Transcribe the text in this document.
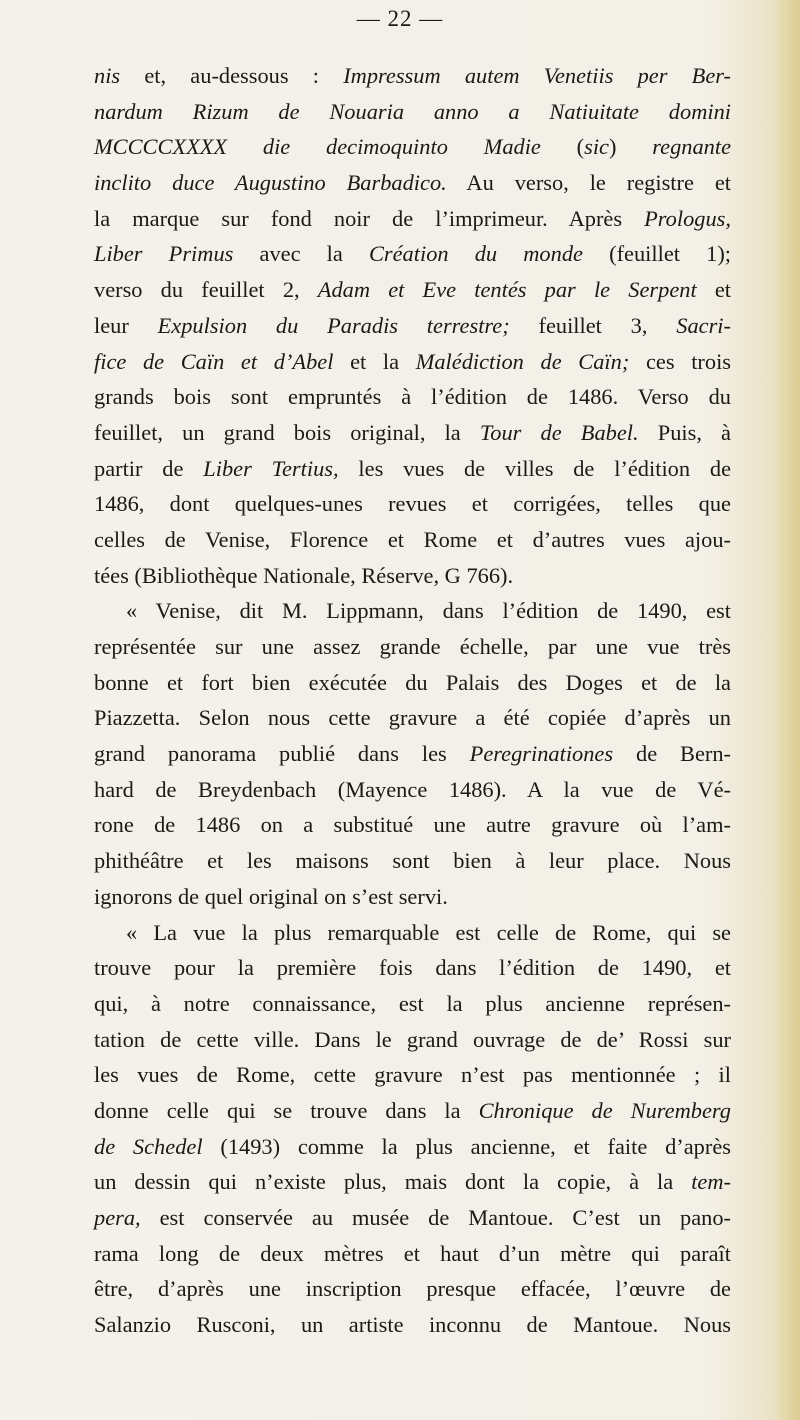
— 22 —
nis et, au-dessous : Impressum autem Venetiis per Ber-
nardum Rizum de Nouaria anno a Natiuitate domini
MCCCCXXXX die decimoquinto Madie (sic) regnante
inclito duce Augustino Barbadico. Au verso, le registre et
la marque sur fond noir de l’imprimeur. Après Prologus,
Liber Primus avec la Création du monde (feuillet 1);
verso du feuillet 2, Adam et Eve tentés par le Serpent et
leur Expulsion du Paradis terrestre; feuillet 3, Sacri-
fice de Caïn et d’Abel et la Malédiction de Caïn; ces trois
grands bois sont empruntés à l’édition de 1486. Verso du
feuillet, un grand bois original, la Tour de Babel. Puis, à
partir de Liber Tertius, les vues de villes de l’édition de
1486, dont quelques-unes revues et corrigées, telles que
celles de Venise, Florence et Rome et d’autres vues ajou-
tées (Bibliothèque Nationale, Réserve, G 766).
« Venise, dit M. Lippmann, dans l’édition de 1490, est
représentée sur une assez grande échelle, par une vue très
bonne et fort bien exécutée du Palais des Doges et de la
Piazzetta. Selon nous cette gravure a été copiée d’après un
grand panorama publié dans les Peregrinationes de Bern-
hard de Breydenbach (Mayence 1486). A la vue de Vé-
rone de 1486 on a substitué une autre gravure où l’am-
phithéâtre et les maisons sont bien à leur place. Nous
ignorons de quel original on s’est servi.
« La vue la plus remarquable est celle de Rome, qui se
trouve pour la première fois dans l’édition de 1490, et
qui, à notre connaissance, est la plus ancienne représen-
tation de cette ville. Dans le grand ouvrage de de’ Rossi sur
les vues de Rome, cette gravure n’est pas mentionnée ; il
donne celle qui se trouve dans la Chronique de Nuremberg
de Schedel (1493) comme la plus ancienne, et faite d’après
un dessin qui n’existe plus, mais dont la copie, à la tem-
pera, est conservée au musée de Mantoue. C’est un pano-
rama long de deux mètres et haut d’un mètre qui paraît
être, d’après une inscription presque effacée, l’œuvre de
Salanzio Rusconi, un artiste inconnu de Mantoue. Nous
